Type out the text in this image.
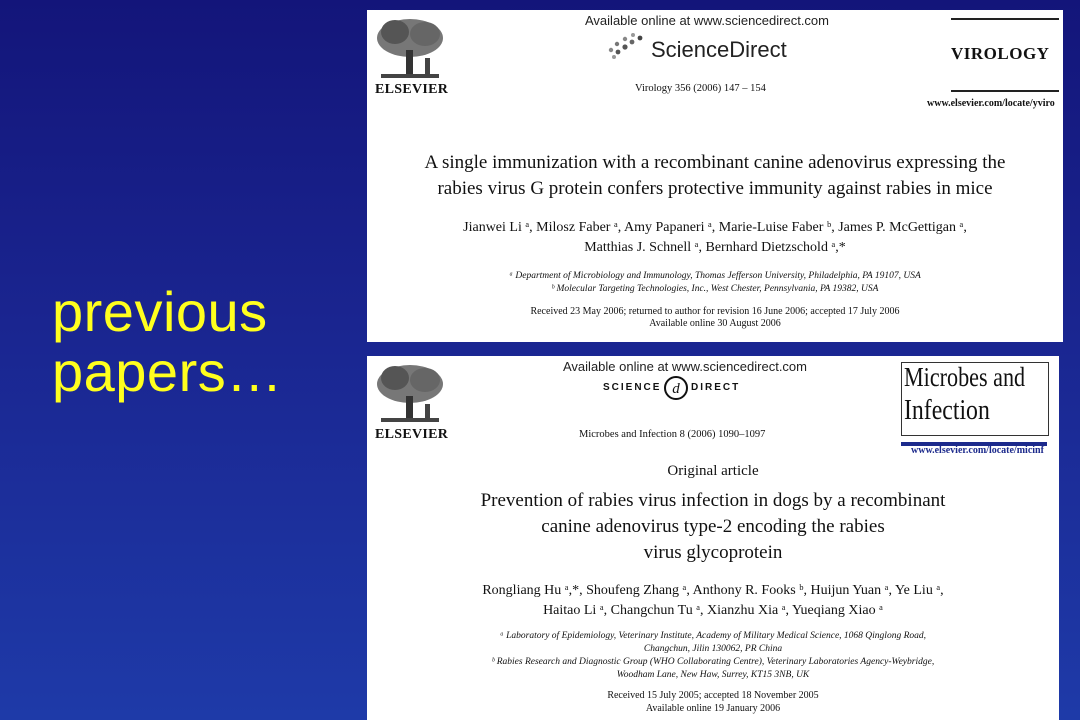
previous
papers…
ELSEVIER
Available online at www.sciencedirect.com
ScienceDirect	VIROLOGY
www.elsevier.com/locate/yviro
Virology 356 (2006) 147 – 154
A single immunization with a recombinant canine adenovirus expressing the
rabies virus G protein confers protective immunity against rabies in mice
Jianwei Li ᵃ, Milosz Faber ᵃ, Amy Papaneri ᵃ, Marie-Luise Faber ᵇ, James P. McGettigan ᵃ,
Matthias J. Schnell ᵃ, Bernhard Dietzschold ᵃ,*
ᵃ Department of Microbiology and Immunology, Thomas Jefferson University, Philadelphia, PA 19107, USA
ᵇ Molecular Targeting Technologies, Inc., West Chester, Pennsylvania, PA 19382, USA
Received 23 May 2006; returned to author for revision 16 June 2006; accepted 17 July 2006
Available online 30 August 2006
ELSEVIER
Available online at www.sciencedirect.com
SCIENCE d DIRECT
Microbes and Infection 8 (2006) 1090–1097
Microbes and
Infection
www.elsevier.com/locate/micinf
Original article
Prevention of rabies virus infection in dogs by a recombinant
canine adenovirus type-2 encoding the rabies
virus glycoprotein
Rongliang Hu ᵃ,*, Shoufeng Zhang ᵃ, Anthony R. Fooks ᵇ, Huijun Yuan ᵃ, Ye Liu ᵃ,
Haitao Li ᵃ, Changchun Tu ᵃ, Xianzhu Xia ᵃ, Yueqiang Xiao ᵃ
ᵃ Laboratory of Epidemiology, Veterinary Institute, Academy of Military Medical Science, 1068 Qinglong Road,
Changchun, Jilin 130062, PR China
ᵇ Rabies Research and Diagnostic Group (WHO Collaborating Centre), Veterinary Laboratories Agency-Weybridge,
Woodham Lane, New Haw, Surrey, KT15 3NB, UK
Received 15 July 2005; accepted 18 November 2005
Available online 19 January 2006
